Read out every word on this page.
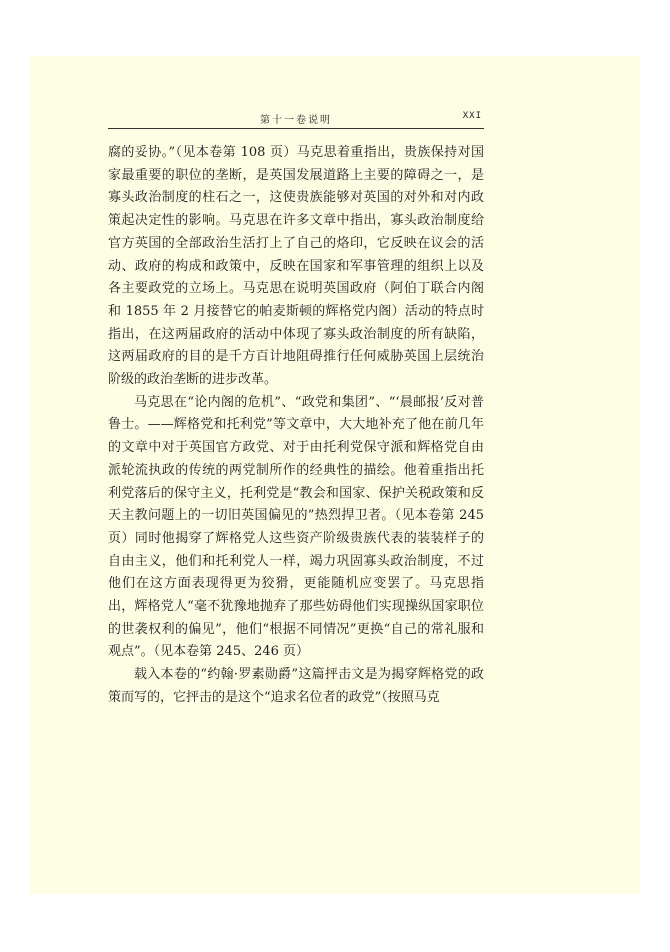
第十一卷说明	XXI

腐的妥协。”（见本卷第 108 页）马克思着重指出，贵族保持对国家最重要的职位的垄断，是英国发展道路上主要的障碍之一，是寡头政治制度的柱石之一，这使贵族能够对英国的对外和对内政策起决定性的影响。马克思在许多文章中指出，寡头政治制度给官方英国的全部政治生活打上了自己的烙印，它反映在议会的活动、政府的构成和政策中，反映在国家和军事管理的组织上以及各主要政党的立场上。马克思在说明英国政府（阿伯丁联合内阁和 1855 年 2 月接替它的帕麦斯顿的辉格党内阁）活动的特点时指出，在这两届政府的活动中体现了寡头政治制度的所有缺陷，这两届政府的目的是千方百计地阻碍推行任何威胁英国上层统治阶级的政治垄断的进步改革。

马克思在“论内阁的危机”、“政党和集团”、“‘晨邮报’反对普鲁士。——辉格党和托利党”等文章中，大大地补充了他在前几年的文章中对于英国官方政党、对于由托利党保守派和辉格党自由派轮流执政的传统的两党制所作的经典性的描绘。他着重指出托利党落后的保守主义，托利党是“教会和国家、保护关税政策和反天主教问题上的一切旧英国偏见的”热烈捍卫者。（见本卷第 245 页）同时他揭穿了辉格党人这些资产阶级贵族代表的装装样子的自由主义，他们和托利党人一样，竭力巩固寡头政治制度，不过他们在这方面表现得更为狡猾，更能随机应变罢了。马克思指出，辉格党人“毫不犹豫地抛弃了那些妨碍他们实现操纵国家职位的世袭权利的偏见”，他们“根据不同情况”更换“自己的常礼服和观点”。（见本卷第 245、246 页）

载入本卷的“约翰·罗素勋爵”这篇抨击文是为揭穿辉格党的政策而写的，它抨击的是这个“追求名位者的政党”（按照马克
